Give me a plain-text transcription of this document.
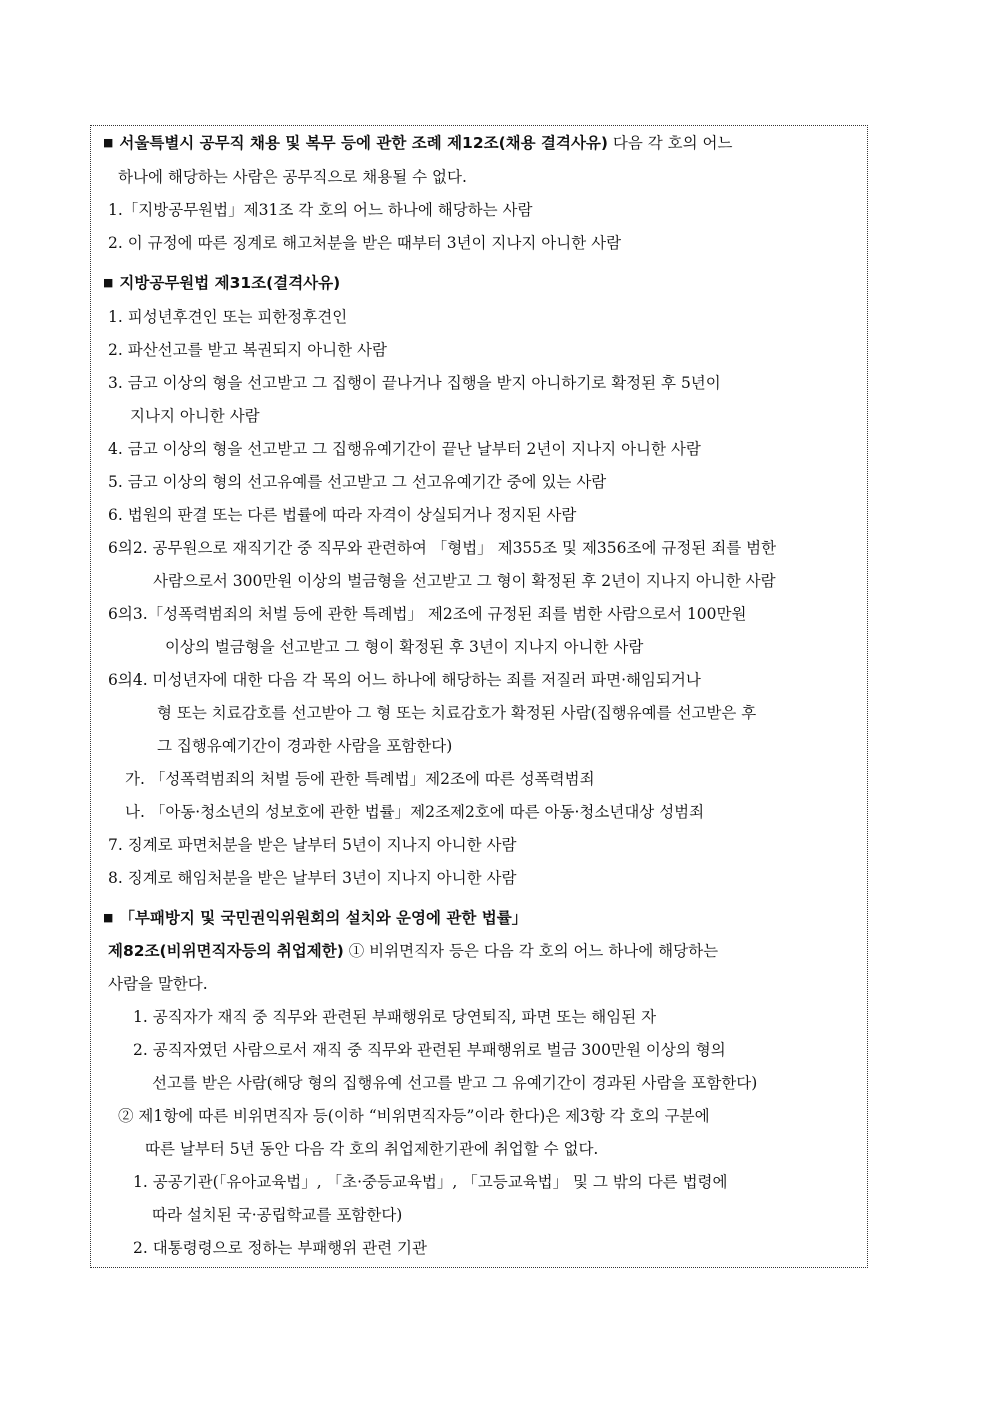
■ 서울특별시 공무직 채용 및 복무 등에 관한 조례 제12조(채용 결격사유) 다음 각 호의 어느
하나에 해당하는 사람은 공무직으로 채용될 수 없다.
1.「지방공무원법」제31조 각 호의 어느 하나에 해당하는 사람
2. 이 규정에 따른 징계로 해고처분을 받은 때부터 3년이 지나지 아니한 사람
■ 지방공무원법 제31조(결격사유)
1. 피성년후견인 또는 피한정후견인
2. 파산선고를 받고 복권되지 아니한 사람
3. 금고 이상의 형을 선고받고 그 집행이 끝나거나 집행을 받지 아니하기로 확정된 후 5년이
지나지 아니한 사람
4. 금고 이상의 형을 선고받고 그 집행유예기간이 끝난 날부터 2년이 지나지 아니한 사람
5. 금고 이상의 형의 선고유예를 선고받고 그 선고유예기간 중에 있는 사람
6. 법원의 판결 또는 다른 법률에 따라 자격이 상실되거나 정지된 사람
6의2. 공무원으로 재직기간 중 직무와 관련하여 「형법」 제355조 및 제356조에 규정된 죄를 범한
사람으로서 300만원 이상의 벌금형을 선고받고 그 형이 확정된 후 2년이 지나지 아니한 사람
6의3.「성폭력범죄의 처벌 등에 관한 특례법」 제2조에 규정된 죄를 범한 사람으로서 100만원
이상의 벌금형을 선고받고 그 형이 확정된 후 3년이 지나지 아니한 사람
6의4. 미성년자에 대한 다음 각 목의 어느 하나에 해당하는 죄를 저질러 파면·해임되거나
형 또는 치료감호를 선고받아 그 형 또는 치료감호가 확정된 사람(집행유예를 선고받은 후
그 집행유예기간이 경과한 사람을 포함한다)
가. 「성폭력범죄의 처벌 등에 관한 특례법」제2조에 따른 성폭력범죄
나. 「아동·청소년의 성보호에 관한 법률」제2조제2호에 따른 아동·청소년대상 성범죄
7. 징계로 파면처분을 받은 날부터 5년이 지나지 아니한 사람
8. 징계로 해임처분을 받은 날부터 3년이 지나지 아니한 사람
■ 「부패방지 및 국민권익위원회의 설치와 운영에 관한 법률」
제82조(비위면직자등의 취업제한) ① 비위면직자 등은 다음 각 호의 어느 하나에 해당하는
사람을 말한다.
1. 공직자가 재직 중 직무와 관련된 부패행위로 당연퇴직, 파면 또는 해임된 자
2. 공직자였던 사람으로서 재직 중 직무와 관련된 부패행위로 벌금 300만원 이상의 형의
선고를 받은 사람(해당 형의 집행유예 선고를 받고 그 유예기간이 경과된 사람을 포함한다)
② 제1항에 따른 비위면직자 등(이하 “비위면직자등”이라 한다)은 제3항 각 호의 구분에
따른 날부터 5년 동안 다음 각 호의 취업제한기관에 취업할 수 없다.
1. 공공기관(「유아교육법」, 「초·중등교육법」, 「고등교육법」 및 그 밖의 다른 법령에
따라 설치된 국·공립학교를 포함한다)
2. 대통령령으로 정하는 부패행위 관련 기관
